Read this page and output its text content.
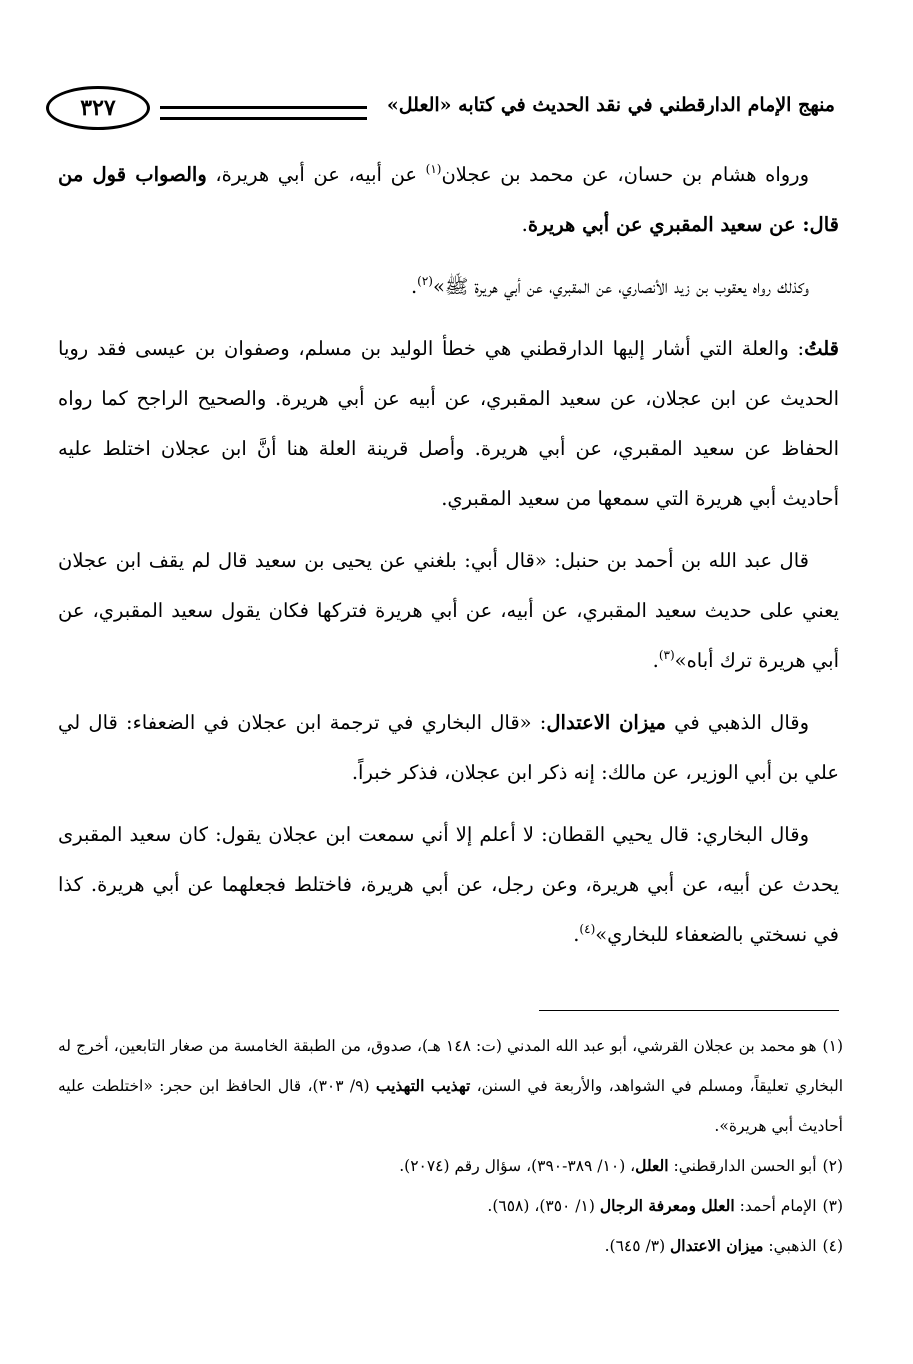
منهج الإمام الدارقطني في نقد الحديث في كتابه «العلل»
٣٢٧

ورواه هشام بن حسان، عن محمد بن عجلان$^{(١)}$ عن أبيه، عن أبي هريرة، والصواب قول من قال: عن سعيد المقبري عن أبي هريرة.

وكذلك رواه يعقوب بن زيد الأنصاري، عن المقبري، عن أبي هريرة ﷺ»$^{(٢)}$.

قلتُ: والعلة التي أشار إليها الدارقطني هي خطأ الوليد بن مسلم، وصفوان بن عيسى فقد رويا الحديث عن ابن عجلان، عن سعيد المقبري، عن أبيه عن أبي هريرة. والصحيح الراجح كما رواه الحفاظ عن سعيد المقبري، عن أبي هريرة. وأصل قرينة العلة هنا أنَّ ابن عجلان اختلط عليه أحاديث أبي هريرة التي سمعها من سعيد المقبري.

قال عبد الله بن أحمد بن حنبل: «قال أبي: بلغني عن يحيى بن سعيد قال لم يقف ابن عجلان يعني على حديث سعيد المقبري، عن أبيه، عن أبي هريرة فتركها فكان يقول سعيد المقبري، عن أبي هريرة ترك أباه»$^{(٣)}$.

وقال الذهبي في ميزان الاعتدال: «قال البخاري في ترجمة ابن عجلان في الضعفاء: قال لي علي بن أبي الوزير، عن مالك: إنه ذكر ابن عجلان، فذكر خبراً.

وقال البخاري: قال يحيي القطان: لا أعلم إلا أني سمعت ابن عجلان يقول: كان سعيد المقبرى يحدث عن أبيه، عن أبي هريرة، وعن رجل، عن أبي هريرة، فاختلط فجعلهما عن أبي هريرة. كذا في نسختي بالضعفاء للبخاري»$^{(٤)}$.

(١)هو محمد بن عجلان القرشي، أبو عبد الله المدني (ت: ١٤٨ هـ)، صدوق، من الطبقة الخامسة من صغار التابعين، أخرج له البخاري تعليقاً، ومسلم في الشواهد، والأربعة في السنن، تهذيب التهذيب (٩/ ٣٠٣)، قال الحافظ ابن حجر: «اختلطت عليه أحاديث أبي هريرة».

(٢)أبو الحسن الدارقطني: العلل، (١٠/ ٣٨٩-٣٩٠)، سؤال رقم (٢٠٧٤).

(٣)الإمام أحمد: العلل ومعرفة الرجال (١/ ٣٥٠)، (٦٥٨).

(٤)الذهبي: ميزان الاعتدال (٣/ ٦٤٥).
